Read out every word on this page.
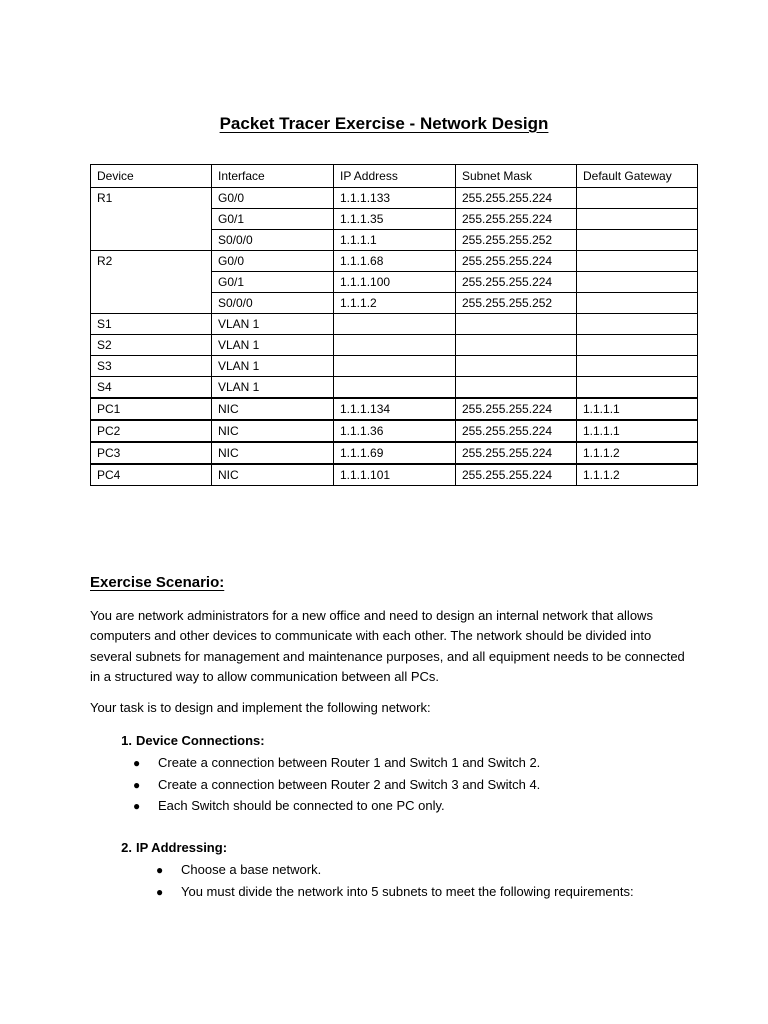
Packet Tracer Exercise - Network Design
Device	Interface	IP Address	Subnet Mask	Default Gateway
R1	G0/0	1.1.1.133	255.255.255.224	
	G0/1	1.1.1.35	255.255.255.224	
	S0/0/0	1.1.1.1	255.255.255.252	
R2	G0/0	1.1.1.68	255.255.255.224	
	G0/1	1.1.1.100	255.255.255.224	
	S0/0/0	1.1.1.2	255.255.255.252	
S1	VLAN 1			
S2	VLAN 1			
S3	VLAN 1			
S4	VLAN 1			
PC1	NIC	1.1.1.134	255.255.255.224	1.1.1.1
PC2	NIC	1.1.1.36	255.255.255.224	1.1.1.1
PC3	NIC	1.1.1.69	255.255.255.224	1.1.1.2
PC4	NIC	1.1.1.101	255.255.255.224	1.1.1.2
Exercise Scenario:

You are network administrators for a new office and need to design an internal network that allows computers and other devices to communicate with each other. The network should be divided into several subnets for management and maintenance purposes, and all equipment needs to be connected in a structured way to allow communication between all PCs.

Your task is to design and implement the following network:

1. Device Connections:
● Create a connection between Router 1 and Switch 1 and Switch 2.
● Create a connection between Router 2 and Switch 3 and Switch 4.
● Each Switch should be connected to one PC only.
2. IP Addressing:
● Choose a base network.
● You must divide the network into 5 subnets to meet the following requirements:
